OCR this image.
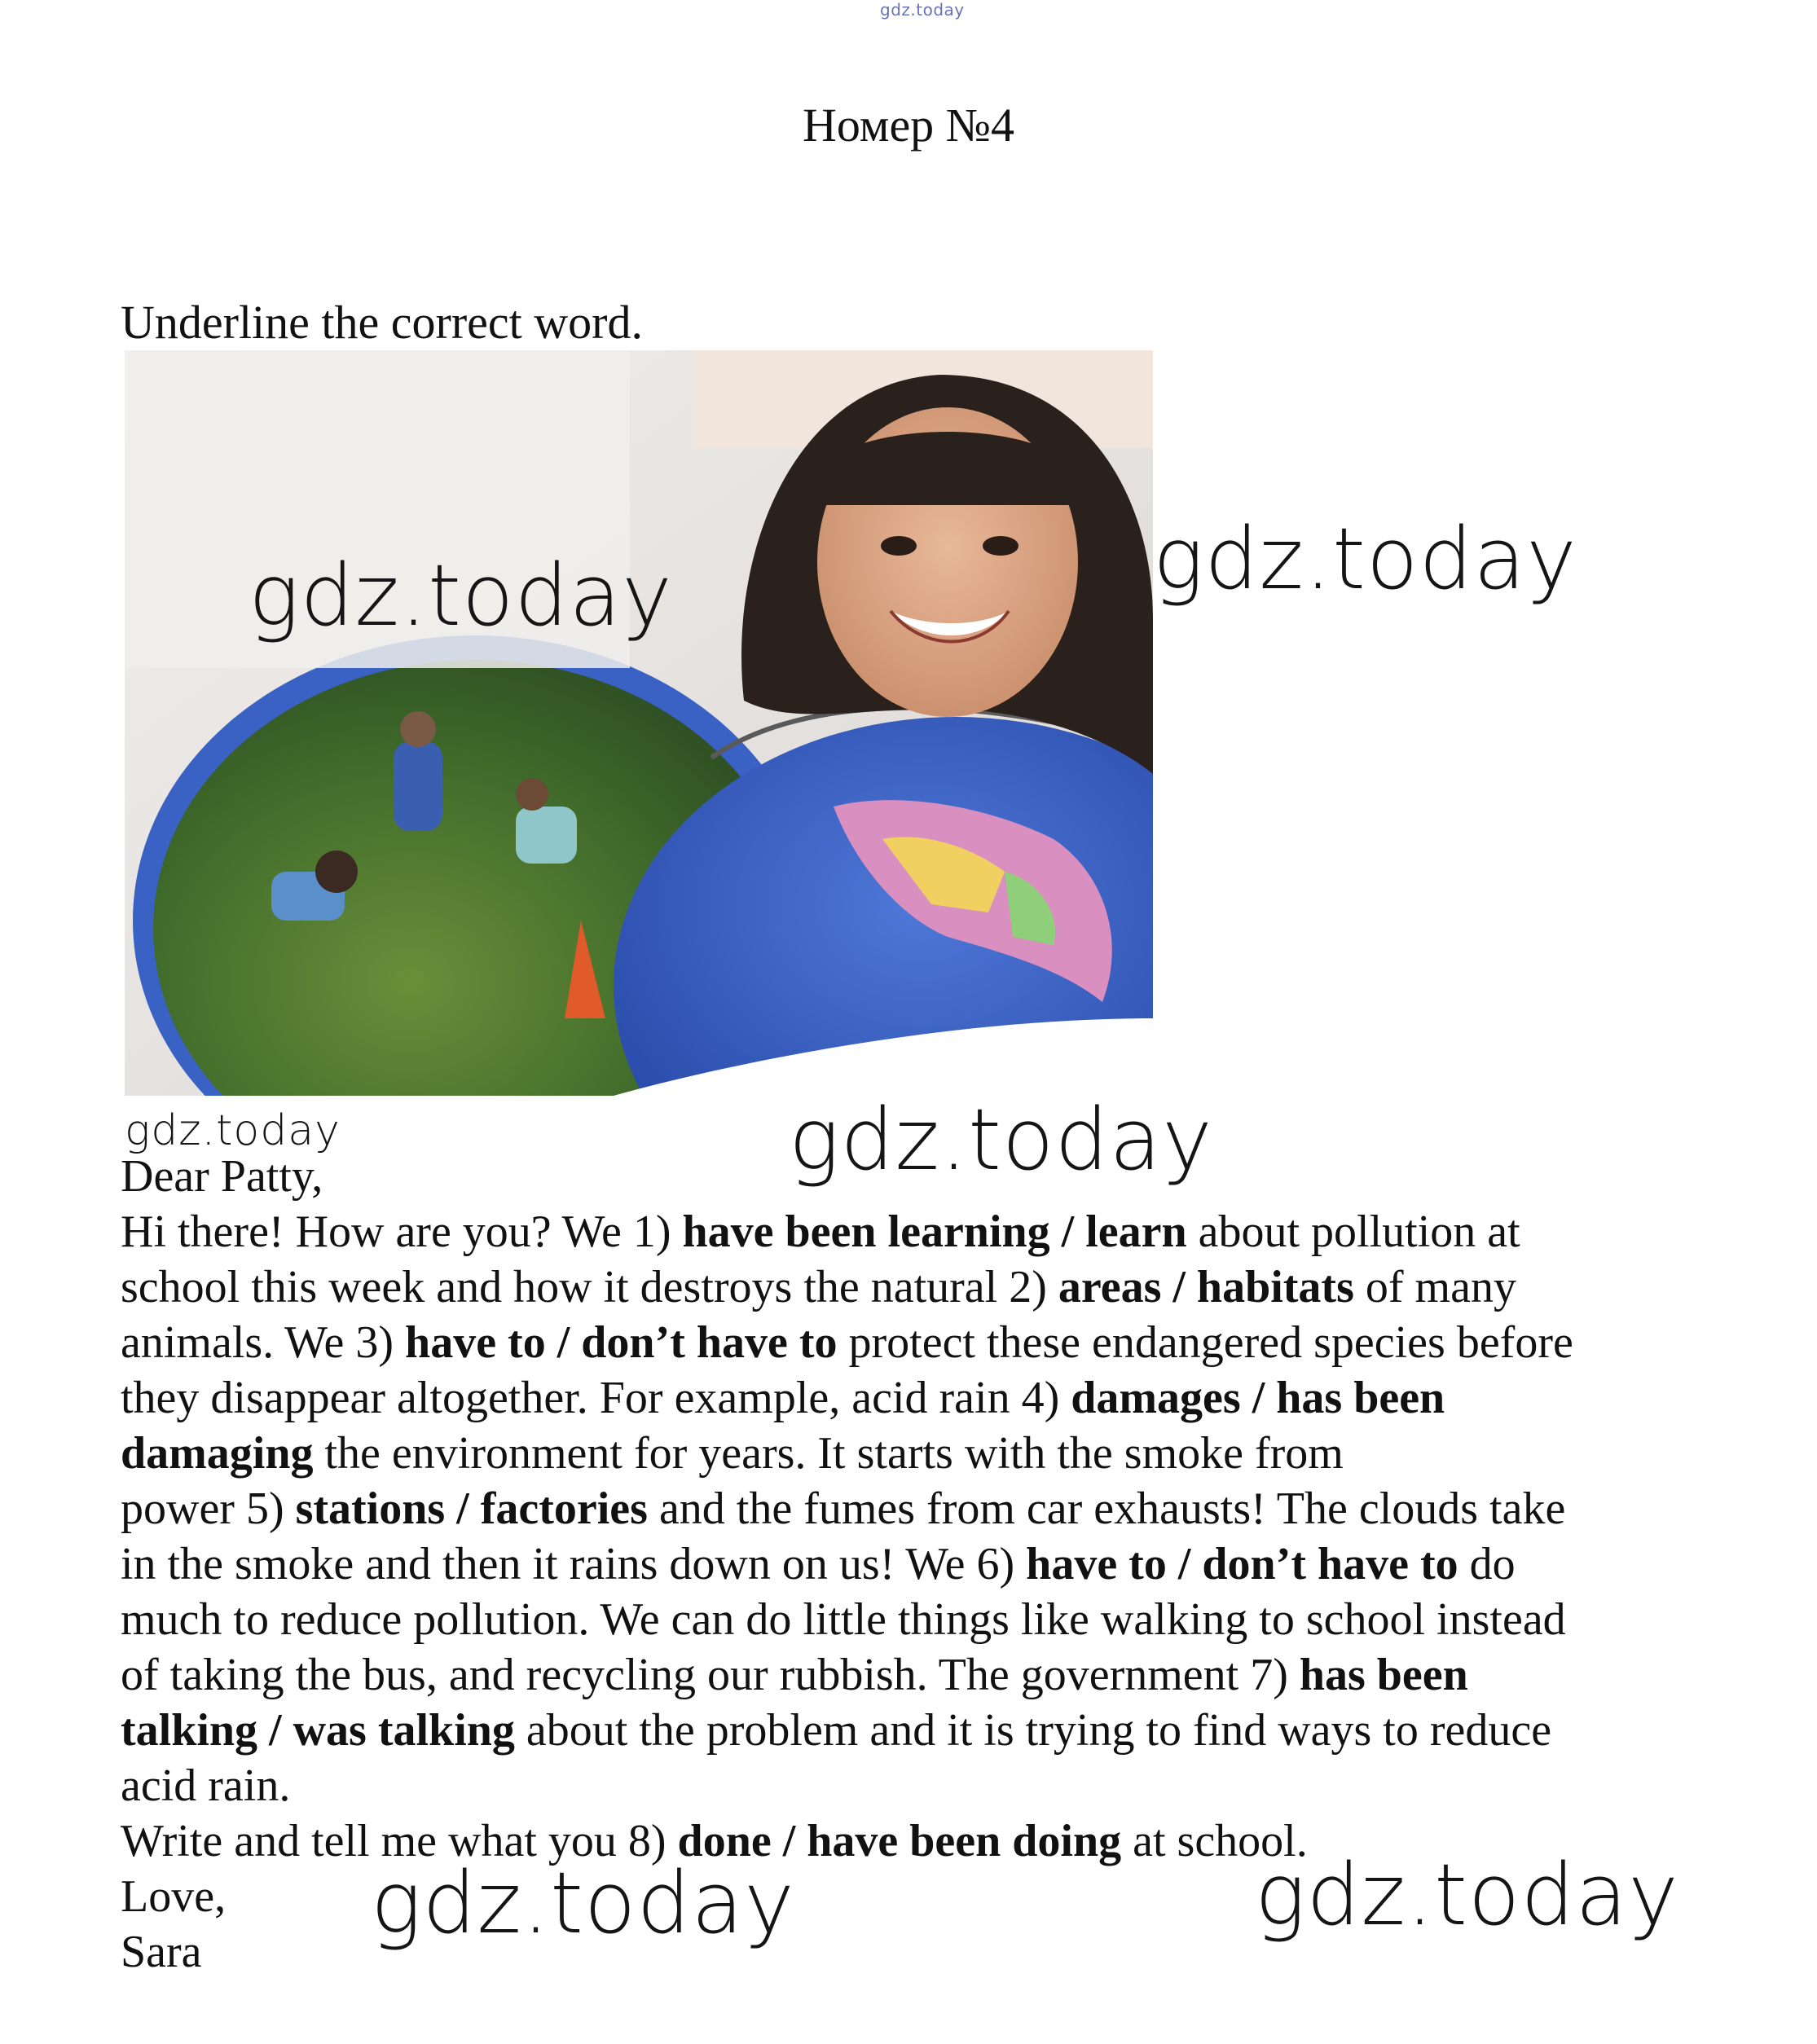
gdz.today
Номер №4
Underline the correct word.
gdz.today	gdz.today
gdz.today	gdz.today
gdz.today	gdz.today

Dear Patty,

Hi there! How are you? We 1) have been learning / learn about pollution at

school this week and how it destroys the natural 2) areas / habitats of many

animals. We 3) have to / don’t have to protect these endangered species before

they disappear altogether. For example, acid rain 4) damages / has been

damaging the environment for years. It starts with the smoke from

power 5) stations / factories and the fumes from car exhausts! The clouds take

in the smoke and then it rains down on us! We 6) have to / don’t have to do

much to reduce pollution. We can do little things like walking to school instead

of taking the bus, and recycling our rubbish. The government 7) has been

talking / was talking about the problem and it is trying to find ways to reduce

acid rain.

Write and tell me what you 8) done / have been doing at school.

Love,

Sara
